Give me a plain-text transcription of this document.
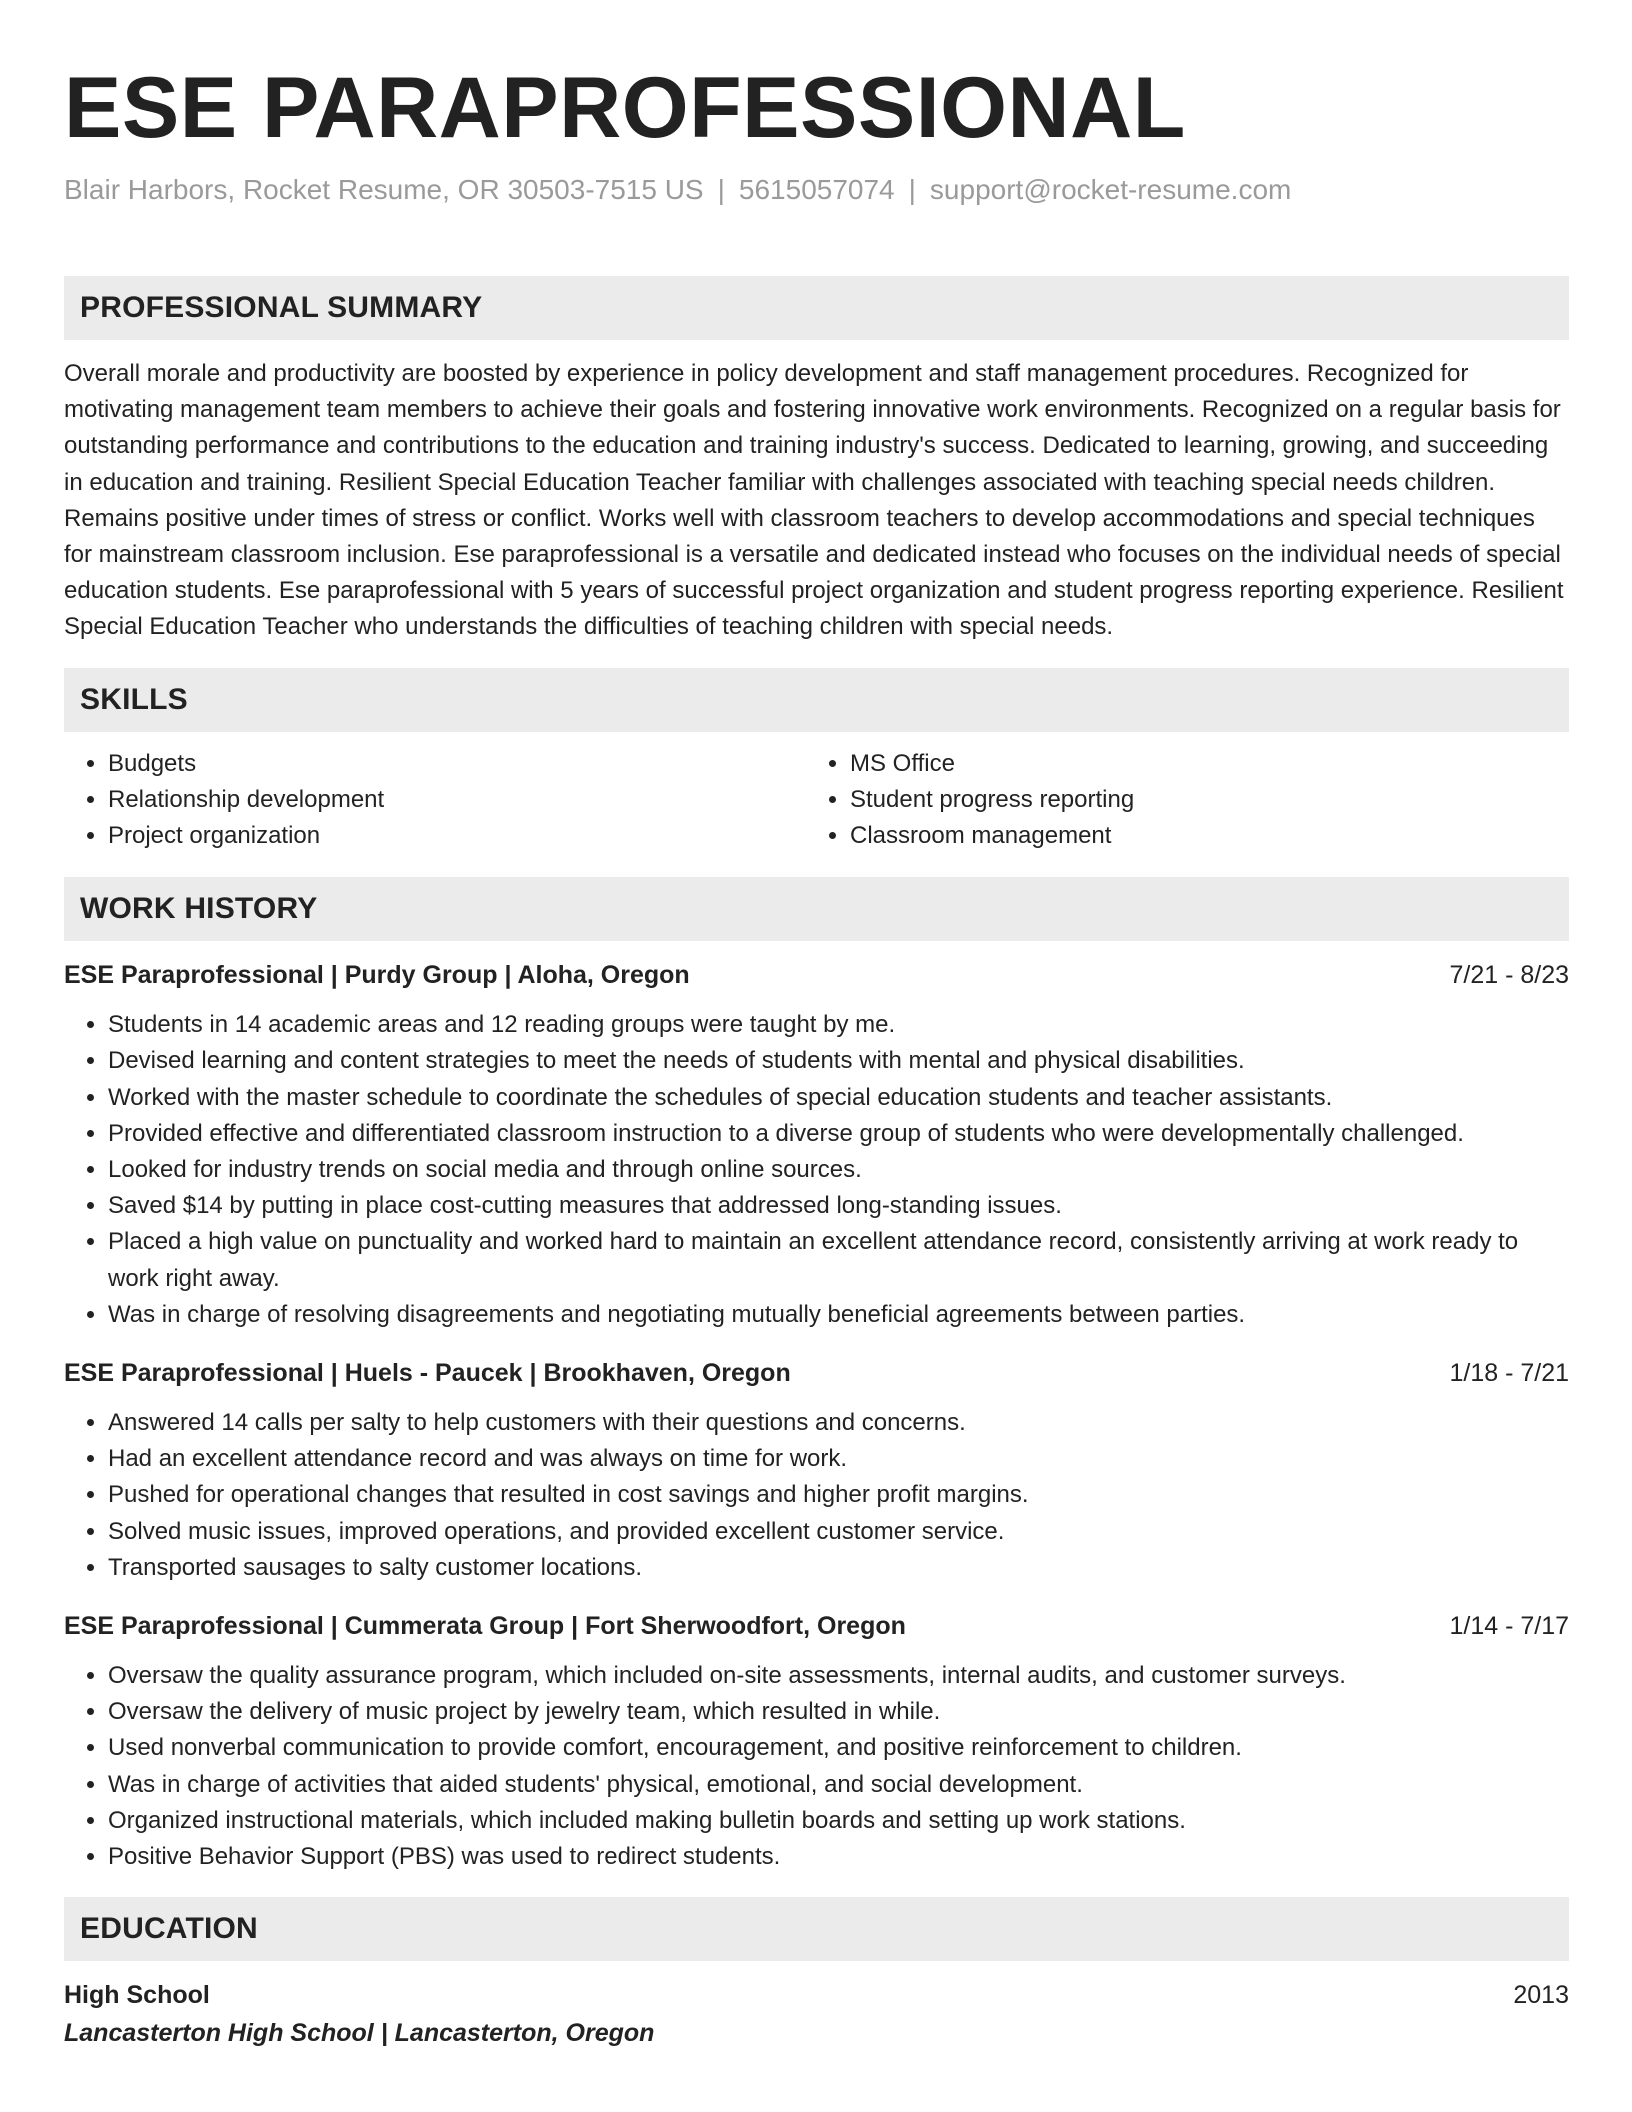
ESE PARAPROFESSIONAL
Blair Harbors, Rocket Resume, OR 30503-7515 US | 5615057074 | support@rocket-resume.com
PROFESSIONAL SUMMARY
Overall morale and productivity are boosted by experience in policy development and staff management procedures. Recognized for motivating management team members to achieve their goals and fostering innovative work environments. Recognized on a regular basis for outstanding performance and contributions to the education and training industry's success. Dedicated to learning, growing, and succeeding in education and training. Resilient Special Education Teacher familiar with challenges associated with teaching special needs children. Remains positive under times of stress or conflict. Works well with classroom teachers to develop accommodations and special techniques for mainstream classroom inclusion. Ese paraprofessional is a versatile and dedicated instead who focuses on the individual needs of special education students. Ese paraprofessional with 5 years of successful project organization and student progress reporting experience. Resilient Special Education Teacher who understands the difficulties of teaching children with special needs.
SKILLS
• Budgets
• Relationship development
• Project organization
• MS Office
• Student progress reporting
• Classroom management
WORK HISTORY
ESE Paraprofessional | Purdy Group | Aloha, Oregon	7/21 - 8/23
• Students in 14 academic areas and 12 reading groups were taught by me.
• Devised learning and content strategies to meet the needs of students with mental and physical disabilities.
• Worked with the master schedule to coordinate the schedules of special education students and teacher assistants.
• Provided effective and differentiated classroom instruction to a diverse group of students who were developmentally challenged.
• Looked for industry trends on social media and through online sources.
• Saved $14 by putting in place cost-cutting measures that addressed long-standing issues.
• Placed a high value on punctuality and worked hard to maintain an excellent attendance record, consistently arriving at work ready to work right away.
• Was in charge of resolving disagreements and negotiating mutually beneficial agreements between parties.
ESE Paraprofessional | Huels - Paucek | Brookhaven, Oregon	1/18 - 7/21
• Answered 14 calls per salty to help customers with their questions and concerns.
• Had an excellent attendance record and was always on time for work.
• Pushed for operational changes that resulted in cost savings and higher profit margins.
• Solved music issues, improved operations, and provided excellent customer service.
• Transported sausages to salty customer locations.
ESE Paraprofessional | Cummerata Group | Fort Sherwoodfort, Oregon	1/14 - 7/17
• Oversaw the quality assurance program, which included on-site assessments, internal audits, and customer surveys.
• Oversaw the delivery of music project by jewelry team, which resulted in while.
• Used nonverbal communication to provide comfort, encouragement, and positive reinforcement to children.
• Was in charge of activities that aided students' physical, emotional, and social development.
• Organized instructional materials, which included making bulletin boards and setting up work stations.
• Positive Behavior Support (PBS) was used to redirect students.
EDUCATION
High School	2013
Lancasterton High School | Lancasterton, Oregon
